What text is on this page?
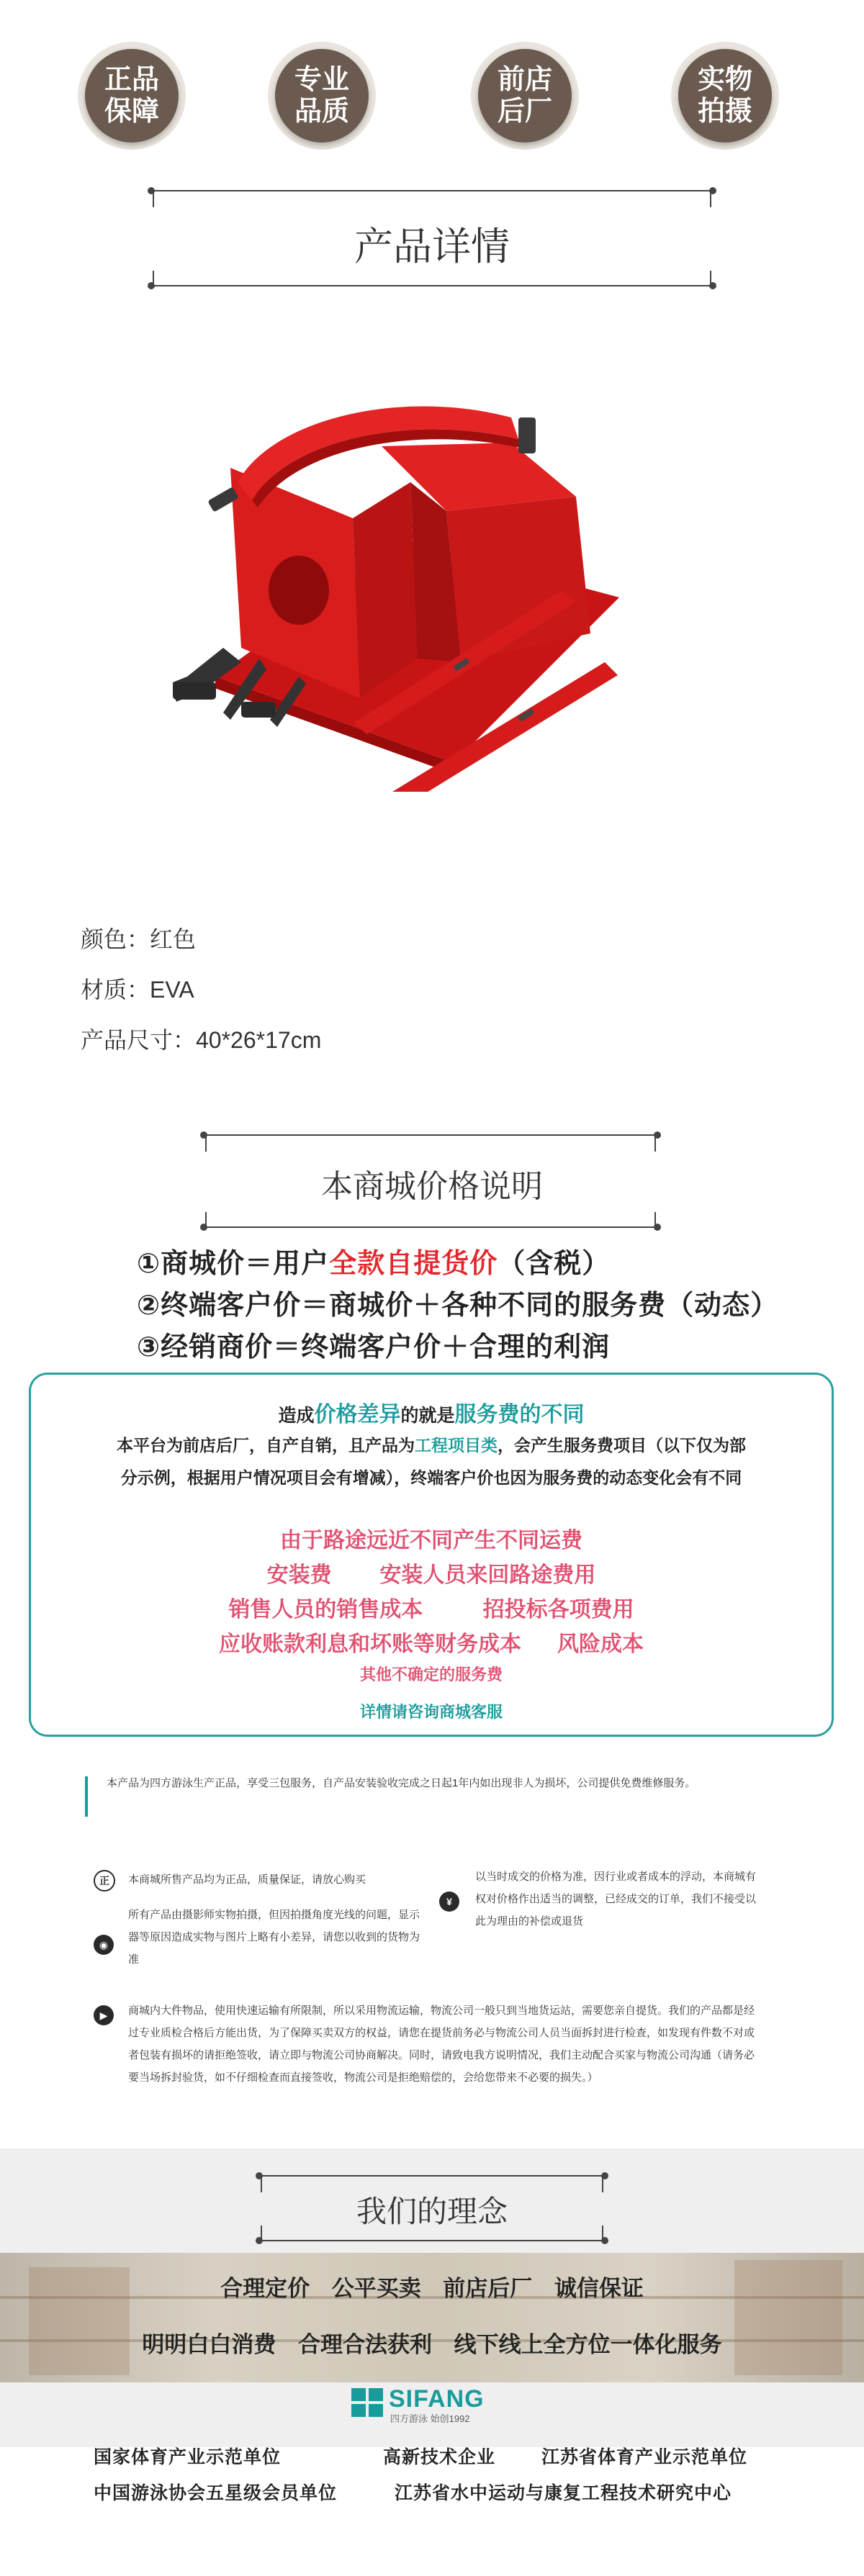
正品
保障
专业
品质
前店
后厂
实物
拍摄
产品详情
颜色：红色
材质：EVA
产品尺寸：40*26*17cm
本商城价格说明
①商城价＝用户全款自提货价（含税）
②终端客户价＝商城价＋各种不同的服务费（动态）
③经销商价＝终端客户价＋合理的利润
造成价格差异的就是服务费的不同
本平台为前店后厂，自产自销，且产品为工程项目类，会产生服务费项目（以下仅为部
分示例，根据用户情况项目会有增减），终端客户价也因为服务费的动态变化会有不同
由于路途远近不同产生不同运费
安装费        安装人员来回路途费用
销售人员的销售成本          招投标各项费用
应收账款利息和坏账等财务成本      风险成本
其他不确定的服务费
详情请咨询商城客服
本产品为四方游泳生产正品，享受三包服务，自产品安装验收完成之日起1年内如出现非人为损坏，公司提供免费维修服务。
正	本商城所售产品均为正品，质量保证，请放心购买
◉
所有产品由摄影师实物拍摄，但因拍摄角度光线的问题，显示器等原因造成实物与图片上略有小差异，请您以收到的货物为准
¥
以当时成交的价格为准，因行业或者成本的浮动，本商城有权对价格作出适当的调整，已经成交的订单，我们不接受以此为理由的补偿或退货
▶	商城内大件物品，使用快速运输有所限制，所以采用物流运输，物流公司一般只到当地货运站，需要您亲自提货。我们的产品都是经过专业质检合格后方能出货，为了保障买卖双方的权益，请您在提货前务必与物流公司人员当面拆封进行检查，如发现有件数不对或者包装有损坏的请拒绝签收，请立即与物流公司协商解决。同时，请致电我方说明情况，我们主动配合买家与物流公司沟通（请务必要当场拆封验货，如不仔细检查而直接签收，物流公司是拒绝赔偿的，会给您带来不必要的损失。）
我们的理念
合理定价 公平买卖 前店后厂 诚信保证
明明白白消费 合理合法获利 线下线上全方位一体化服务
SIFANG
四方游泳 始创1992
国家体育产业示范单位	高新技术企业	江苏省体育产业示范单位
中国游泳协会五星级会员单位	江苏省水中运动与康复工程技术研究中心
